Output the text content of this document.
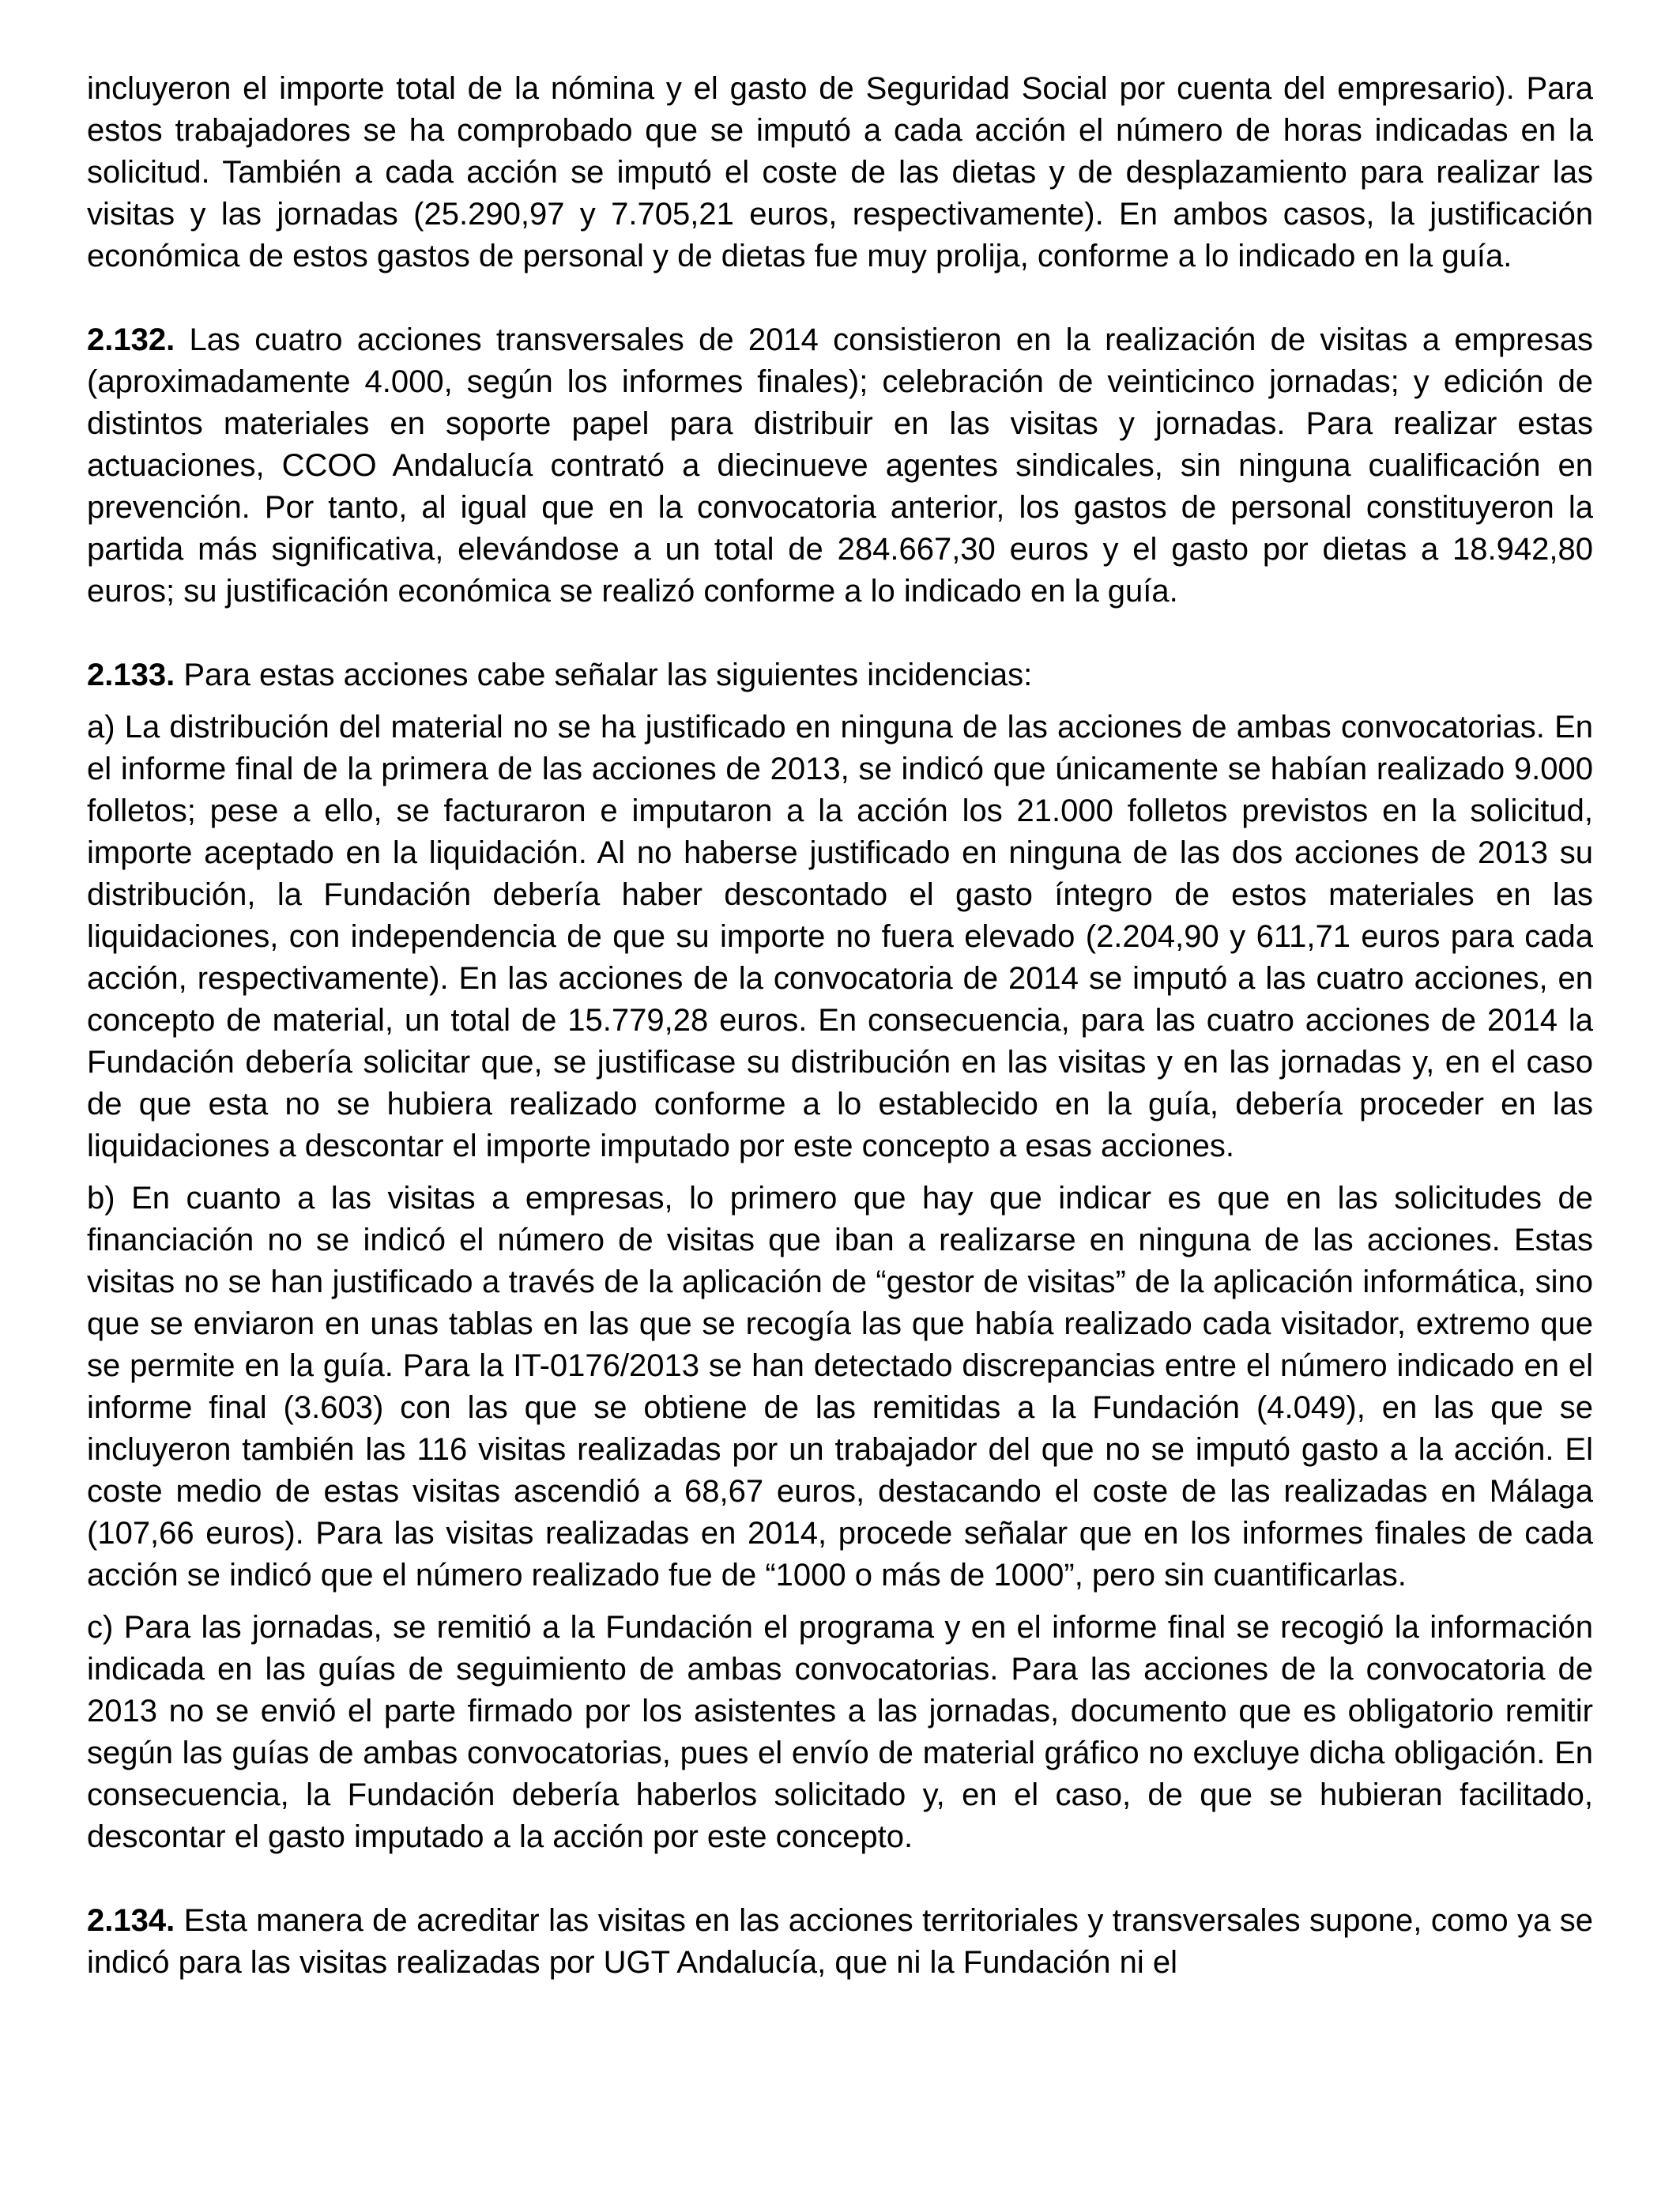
incluyeron el importe total de la nómina y el gasto de Seguridad Social por cuenta del empresario). Para estos trabajadores se ha comprobado que se imputó a cada acción el número de horas indicadas en la solicitud. También a cada acción se imputó el coste de las dietas y de desplazamiento para realizar las visitas y las jornadas (25.290,97 y 7.705,21 euros, respectivamente). En ambos casos, la justificación económica de estos gastos de personal y de dietas fue muy prolija, conforme a lo indicado en la guía.

2.132. Las cuatro acciones transversales de 2014 consistieron en la realización de visitas a empresas (aproximadamente 4.000, según los informes finales); celebración de veinticinco jornadas; y edición de distintos materiales en soporte papel para distribuir en las visitas y jornadas. Para realizar estas actuaciones, CCOO Andalucía contrató a diecinueve agentes sindicales, sin ninguna cualificación en prevención. Por tanto, al igual que en la convocatoria anterior, los gastos de personal constituyeron la partida más significativa, elevándose a un total de 284.667,30 euros y el gasto por dietas a 18.942,80 euros; su justificación económica se realizó conforme a lo indicado en la guía.

2.133. Para estas acciones cabe señalar las siguientes incidencias:

a) La distribución del material no se ha justificado en ninguna de las acciones de ambas convocatorias. En el informe final de la primera de las acciones de 2013, se indicó que únicamente se habían realizado 9.000 folletos; pese a ello, se facturaron e imputaron a la acción los 21.000 folletos previstos en la solicitud, importe aceptado en la liquidación. Al no haberse justificado en ninguna de las dos acciones de 2013 su distribución, la Fundación debería haber descontado el gasto íntegro de estos materiales en las liquidaciones, con independencia de que su importe no fuera elevado (2.204,90 y 611,71 euros para cada acción, respectivamente). En las acciones de la convocatoria de 2014 se imputó a las cuatro acciones, en concepto de material, un total de 15.779,28 euros. En consecuencia, para las cuatro acciones de 2014 la Fundación debería solicitar que, se justificase su distribución en las visitas y en las jornadas y, en el caso de que esta no se hubiera realizado conforme a lo establecido en la guía, debería proceder en las liquidaciones a descontar el importe imputado por este concepto a esas acciones.

b) En cuanto a las visitas a empresas, lo primero que hay que indicar es que en las solicitudes de financiación no se indicó el número de visitas que iban a realizarse en ninguna de las acciones. Estas visitas no se han justificado a través de la aplicación de “gestor de visitas” de la aplicación informática, sino que se enviaron en unas tablas en las que se recogía las que había realizado cada visitador, extremo que se permite en la guía. Para la IT-0176/2013 se han detectado discrepancias entre el número indicado en el informe final (3.603) con las que se obtiene de las remitidas a la Fundación (4.049), en las que se incluyeron también las 116 visitas realizadas por un trabajador del que no se imputó gasto a la acción. El coste medio de estas visitas ascendió a 68,67 euros, destacando el coste de las realizadas en Málaga (107,66 euros). Para las visitas realizadas en 2014, procede señalar que en los informes finales de cada acción se indicó que el número realizado fue de “1000 o más de 1000”, pero sin cuantificarlas.

c) Para las jornadas, se remitió a la Fundación el programa y en el informe final se recogió la información indicada en las guías de seguimiento de ambas convocatorias. Para las acciones de la convocatoria de 2013 no se envió el parte firmado por los asistentes a las jornadas, documento que es obligatorio remitir según las guías de ambas convocatorias, pues el envío de material gráfico no excluye dicha obligación. En consecuencia, la Fundación debería haberlos solicitado y, en el caso, de que se hubieran facilitado, descontar el gasto imputado a la acción por este concepto.

2.134. Esta manera de acreditar las visitas en las acciones territoriales y transversales supone, como ya se indicó para las visitas realizadas por UGT Andalucía, que ni la Fundación ni el
